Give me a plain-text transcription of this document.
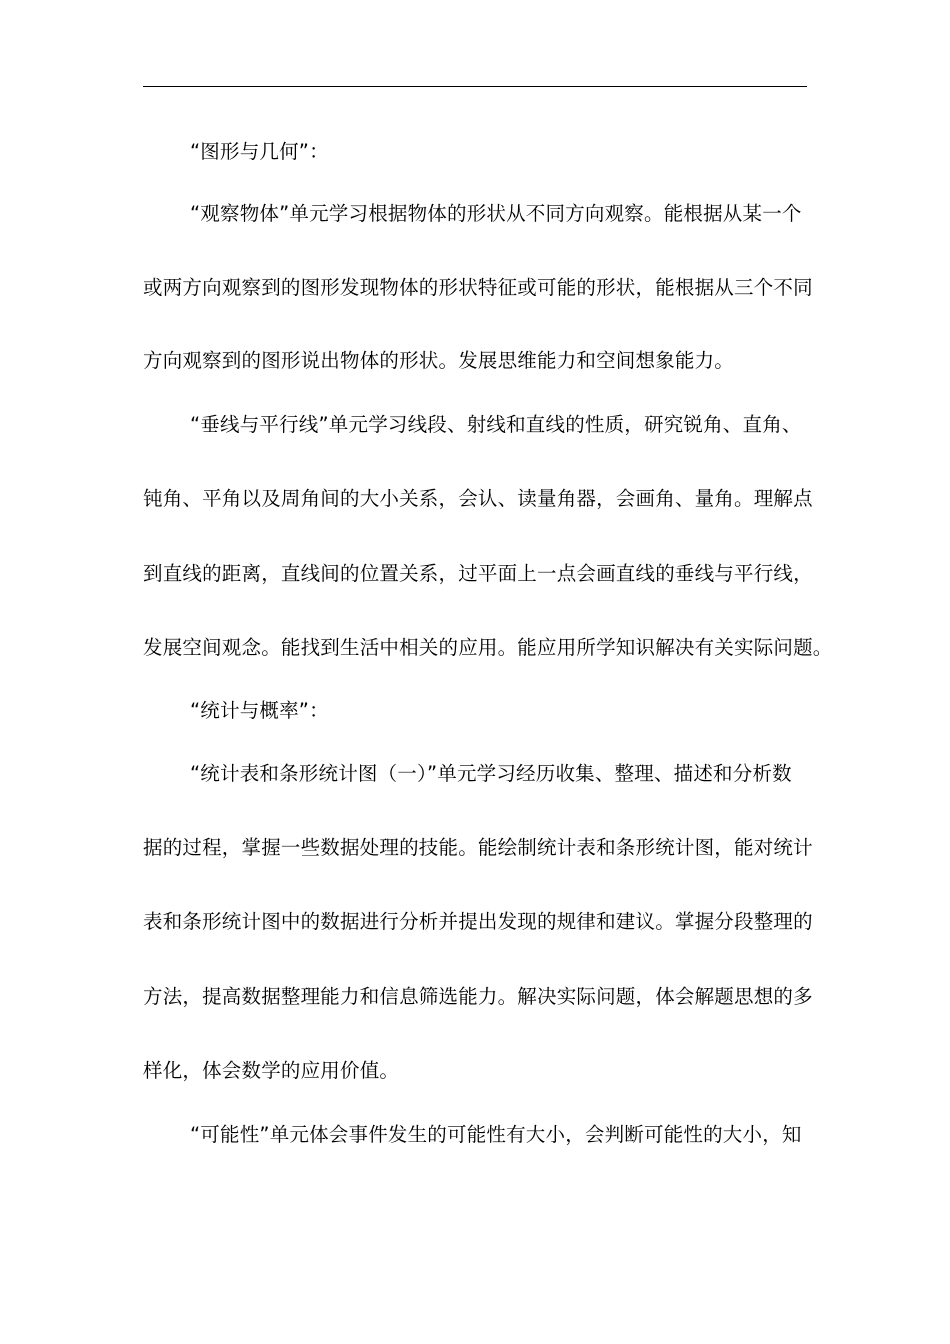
“图形与几何”：
“观察物体”单元学习根据物体的形状从不同方向观察。能根据从某一个
或两方向观察到的图形发现物体的形状特征或可能的形状，能根据从三个不同
方向观察到的图形说出物体的形状。发展思维能力和空间想象能力。
“垂线与平行线”单元学习线段、射线和直线的性质，研究锐角、直角、
钝角、平角以及周角间的大小关系，会认、读量角器，会画角、量角。理解点
到直线的距离，直线间的位置关系，过平面上一点会画直线的垂线与平行线，
发展空间观念。能找到生活中相关的应用。能应用所学知识解决有关实际问题。
“统计与概率”：
“统计表和条形统计图（一）”单元学习经历收集、整理、描述和分析数
据的过程，掌握一些数据处理的技能。能绘制统计表和条形统计图，能对统计
表和条形统计图中的数据进行分析并提出发现的规律和建议。掌握分段整理的
方法，提高数据整理能力和信息筛选能力。解决实际问题，体会解题思想的多
样化，体会数学的应用价值。
“可能性”单元体会事件发生的可能性有大小，会判断可能性的大小，知
